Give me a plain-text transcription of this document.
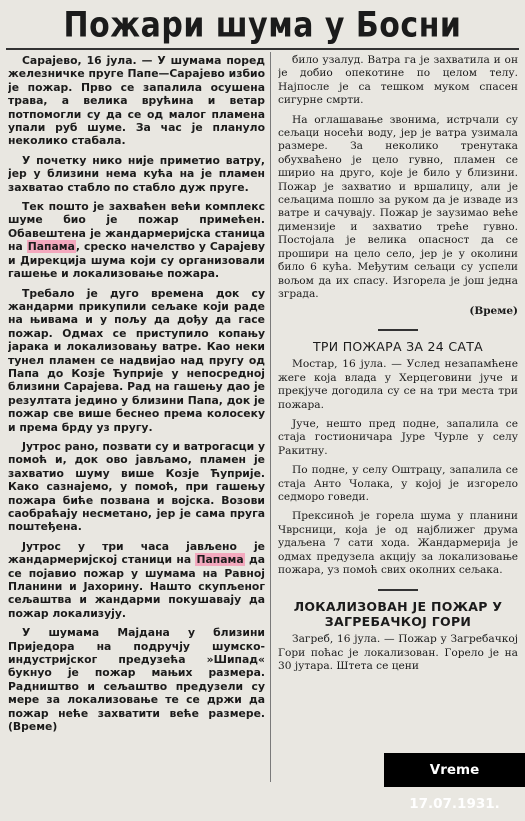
Пожари шума у Босни

Сарајево, 16 јула. — У шумама поред железничке пруге Папе—Сарајево избио је пожар. Прво се запалила осушена трава, а велика врућина и ветар потпомогли су да се од малог пламена упали руб шуме. За час је плануло неколико стабала.

У почетку нико није приметио ватру, јер у близини нема кућа на је пламен захватао стабло по стабло дуж пруге.

Тек пошто је захваћен већи комплекс шуме био је пожар примећен. Обавештена је жандармеријска станица на Папама, среско начелство у Сарајеву и Дирекција шума који су организовали гашење и локализовање пожара.

Требало је дуго времена док су жандарми прикупили сељаке који раде на њивама и у пољу да дођу да гасе пожар. Одмах се приступило копању јарака и локализовању ватре. Као неки тунел пламен се надвијао над пругу од Папа до Козје Ћуприје у непосредној близини Сарајева. Рад на гашењу дао је резултата једино у близини Папа, док је пожар све више беснео према колосеку и према брду уз пругу.

Јутрос рано, позвати су и ватрогасци у помоћ и, док ово јављамо, пламен је захватио шуму више Козје Ћуприје. Како сазнајемо, у помоћ, при гашењу пожара биће позвана и војска. Возови саобраћају несметано, јер је сама пруга поштеђена.

Јутрос у три часа јављено је жандармеријској станици на Папама да се појавио пожар у шумама на Равној Планини и Јахорину. Нашто скупљеног сељаштва и жандарми покушавају да пожар локализују.

У шумама Мајдана у близини Приједора на подручју шумско-индустријског предузећа »Шипад« букнуо је пожар мањих размера. Радништво и сељаштво предузели су мере за локализовање те се држи да пожар неће захватити веће размере. (Време)

било узалуд. Ватра га је захватила и он је добио опекотине по целом телу. Најпосле је са тешком муком спасен сигурне смрти.

На оглашавање звонима, истрчали су сељаци носећи воду, јер је ватра узимала размере. За неколико тренутака обухваћено је цело гувно, пламен се ширио на друго, које је било у близини. Пожар је захватио и вршалицу, али је сељацима пошло за руком да је изваде из ватре и сачувају. Пожар је заузимао веће димензије и захватио треће гувно. Постојала је велика опасност да се прошири на цело село, јер је у околини било 6 кућа. Међутим сељаци су успели вољом да их спасу. Изгорела је још једна зграда.

(Време)
ТРИ ПОЖАРА ЗА 24 САТА

Мостар, 16 јула. — Услед незапамћене жеге која влада у Херцеговини јуче и прекјуче догодила су се на три места три пожара.

Јуче, нешто пред подне, запалила се стаја гостионичара Јуре Чурле у селу Ракитну.

По подне, у селу Оштрацу, запалила се стаја Анто Чолака, у којој је изгорело седморо говеди.

Прексиноћ је горела шума у планини Чврсници, која је од најближег друма удаљена 7 сати хода. Жандармерија је одмах предузела акцију за локализовање пожара, уз помоћ свих околних сељака.

ЛОКАЛИЗОВАН ЈЕ ПОЖАР У ЗАГРЕБАЧКОЈ ГОРИ

Загреб, 16 јула. — Пожар у Загребачкој Гори поћас је локализован. Горело је на 30 јутара. Штета се цени

Vreme 17.07.1931.
